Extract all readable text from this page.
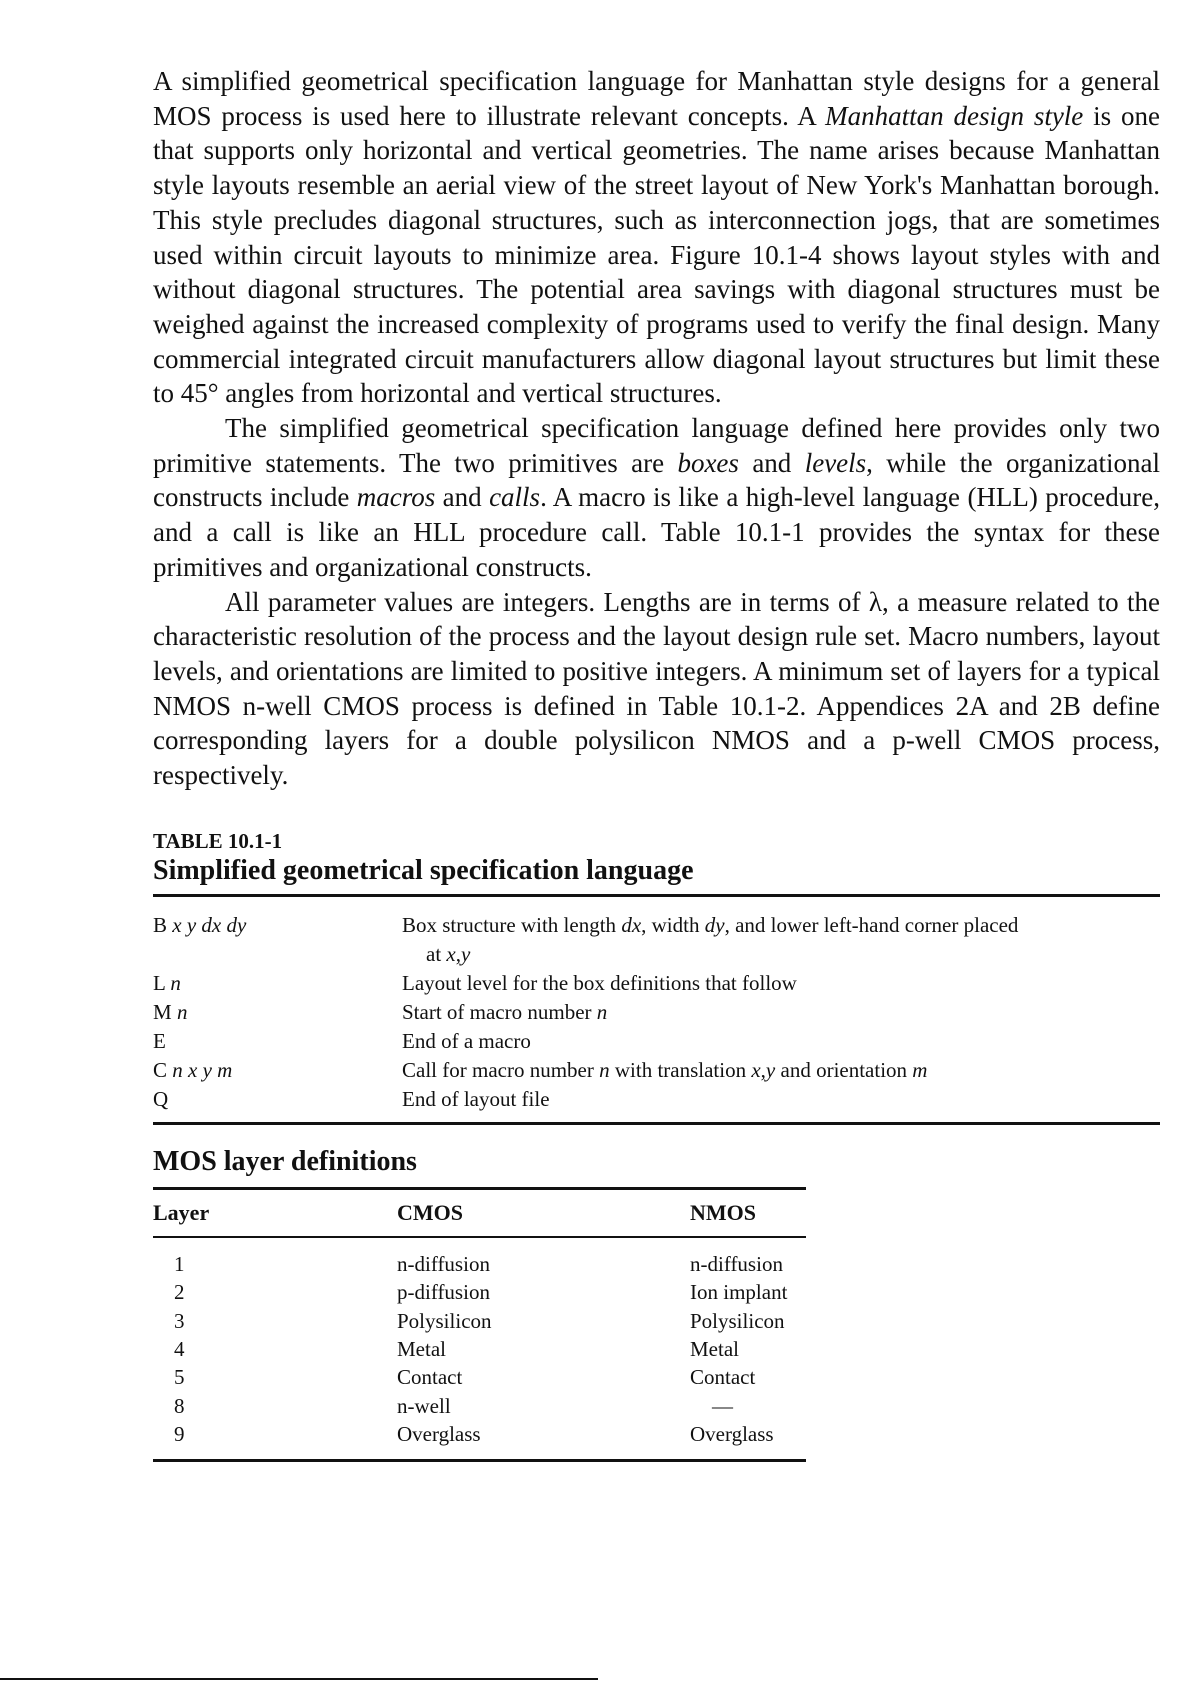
A simplified geometrical specification language for Manhattan style designs for a general MOS process is used here to illustrate relevant concepts. A Manhattan design style is one that supports only horizontal and vertical geometries. The name arises because Manhattan style layouts resemble an aerial view of the street layout of New York's Manhattan borough. This style precludes diagonal structures, such as interconnection jogs, that are sometimes used within circuit layouts to minimize area. Figure 10.1-4 shows layout styles with and without diagonal structures. The potential area savings with diagonal structures must be weighed against the increased complexity of programs used to verify the final design. Many commercial integrated circuit manufacturers allow diagonal layout structures but limit these to 45° angles from horizontal and vertical structures.

The simplified geometrical specification language defined here provides only two primitive statements. The two primitives are boxes and levels, while the organizational constructs include macros and calls. A macro is like a high-level language (HLL) procedure, and a call is like an HLL procedure call. Table 10.1-1 provides the syntax for these primitives and organizational constructs.

All parameter values are integers. Lengths are in terms of λ, a measure related to the characteristic resolution of the process and the layout design rule set. Macro numbers, layout levels, and orientations are limited to positive integers. A minimum set of layers for a typical NMOS n-well CMOS process is defined in Table 10.1-2. Appendices 2A and 2B define corresponding layers for a double polysilicon NMOS and a p-well CMOS process, respectively.

TABLE 10.1-1
Simplified geometrical specification language
B x y dx dy	Box structure with length dx, width dy, and lower left-hand corner placed
at x,y
L n	Layout level for the box definitions that follow
M n	Start of macro number n
E	End of a macro
C n x y m	Call for macro number n with translation x,y and orientation m
Q	End of layout file
MOS layer definitions
Layer	CMOS	NMOS
1	n-diffusion	n-diffusion
2	p-diffusion	Ion implant
3	Polysilicon	Polysilicon
4	Metal	Metal
5	Contact	Contact
8	n-well	—
9	Overglass	Overglass
